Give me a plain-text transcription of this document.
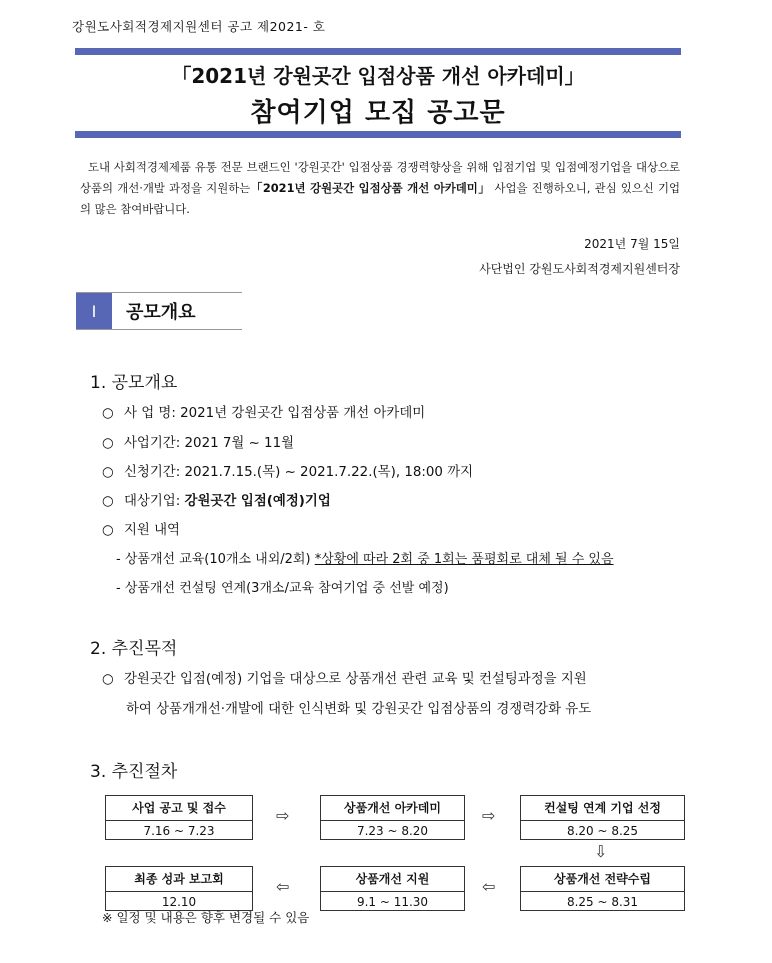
강원도사회적경제지원센터 공고 제2021- 호
「2021년 강원곳간 입점상품 개선 아카데미」
참여기업 모집 공고문
도내 사회적경제제품 유통 전문 브랜드인 '강원곳간' 입점상품 경쟁력향상을 위해 입점기업 및 입점예정기업을 대상으로 상품의 개선·개발 과정을 지원하는「2021년 강원곳간 입점상품 개선 아카데미」 사업을 진행하오니, 관심 있으신 기업의 많은 참여바랍니다.
2021년 7월 15일
사단법인 강원도사회적경제지원센터장
Ⅰ	공모개요
1. 공모개요
○ 사 업 명: 2021년 강원곳간 입점상품 개선 아카데미
○ 사업기간: 2021 7월 ~ 11월
○ 신청기간: 2021.7.15.(목) ~ 2021.7.22.(목), 18:00 까지
○ 대상기업: 강원곳간 입점(예정)기업
○ 지원 내역
- 상품개선 교육(10개소 내외/2회) *상황에 따라 2회 중 1회는 품평회로 대체 될 수 있음
- 상품개선 컨설팅 연계(3개소/교육 참여기업 중 선발 예정)
2. 추진목적
○ 강원곳간 입점(예정) 기업을 대상으로 상품개선 관련 교육 및 컨설팅과정을 지원
하여 상품개개선·개발에 대한 인식변화 및 강원곳간 입점상품의 경쟁력강화 유도
3. 추진절차
사업 공고 및 접수
7.16 ~ 7.23
⇨	상품개선 아카데미
7.23 ~ 8.20
⇨	컨설팅 연계 기업 선정
8.20 ~ 8.25
⇩
최종 성과 보고회
12.10
⇦	상품개선 지원
9.1 ~ 11.30
⇦	상품개선 전략수립
8.25 ~ 8.31
※ 일정 및 내용은 향후 변경될 수 있음
